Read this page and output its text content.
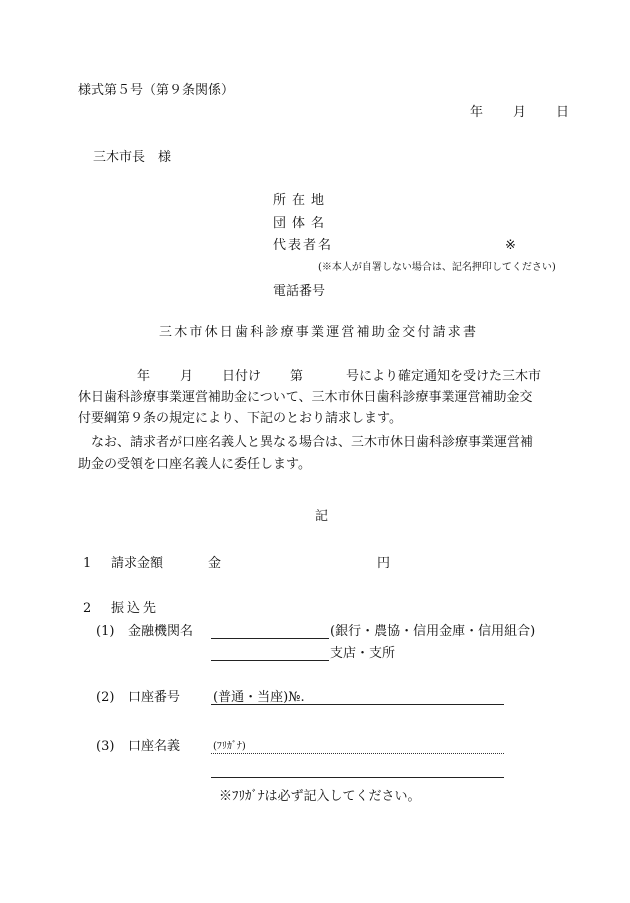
様式第５号（第９条関係）
年 月 日
三木市長　様
所在地
団体名
代表者名	※
(※本人が自署しない場合は、記名押印してください)
電話番号
三木市休日歯科診療事業運営補助金交付請求書
年 月 日付け 第	号により確定通知を受けた三木市
休日歯科診療事業運営補助金について、三木市休日歯科診療事業運営補助金交
付要綱第９条の規定により、下記のとおり請求します。
なお、請求者が口座名義人と異なる場合は、三木市休日歯科診療事業運営補
助金の受領を口座名義人に委任します。
記
1 請求金額	金	円
2 振込先
(1) 金融機関名	(銀行・農協・信用金庫・信用組合)
支店・支所
(2) 口座番号	(普通・当座)№.
(3) 口座名義	(ﾌﾘｶﾞﾅ)
※ﾌﾘｶﾞﾅは必ず記入してください。
